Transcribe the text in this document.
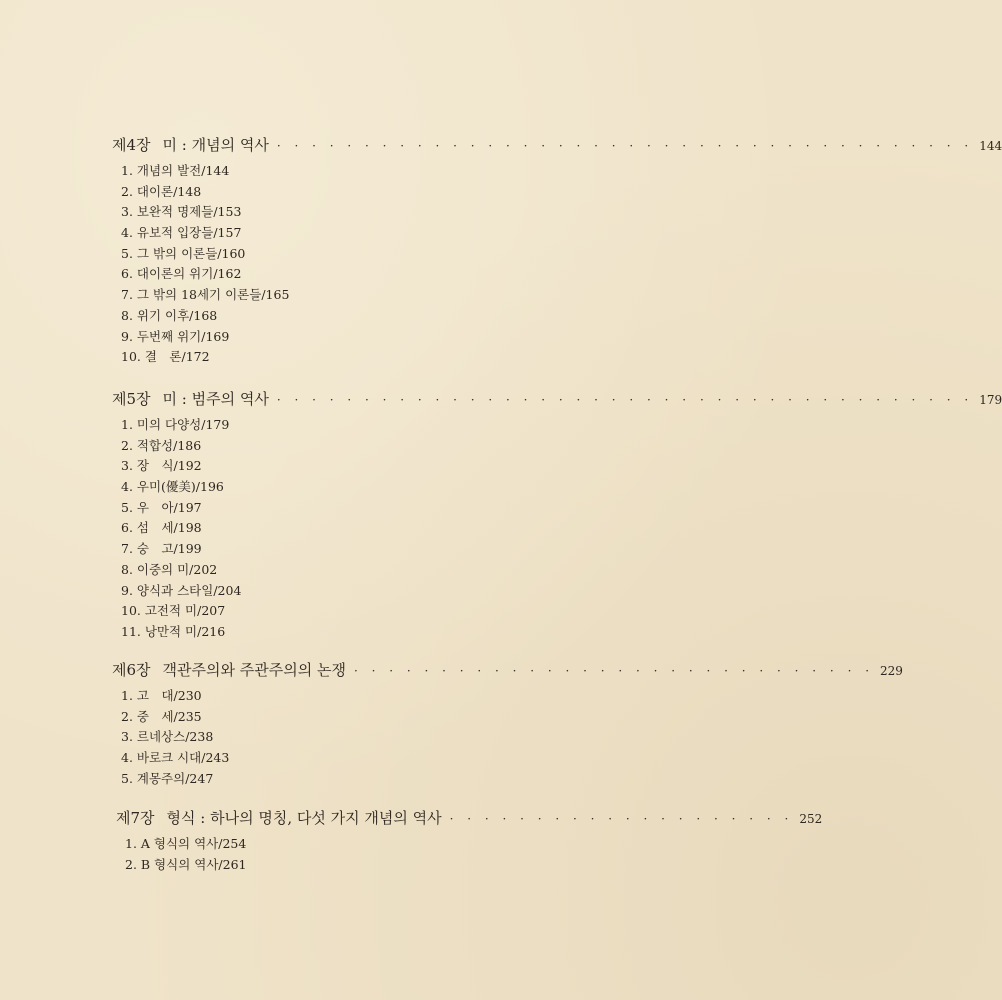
제4장 미 : 개념의 역사 · · · · · · · · · · · · · · · · · · · · · · · · · · · · · · · · · · · · · · · · 144
1. 개념의 발전/144
2. 대이론/148
3. 보완적 명제들/153
4. 유보적 입장들/157
5. 그 밖의 이론들/160
6. 대이론의 위기/162
7. 그 밖의 18세기 이론들/165
8. 위기 이후/168
9. 두번째 위기/169
10. 결　론/172
제5장 미 : 범주의 역사 · · · · · · · · · · · · · · · · · · · · · · · · · · · · · · · · · · · · · · · · 179
1. 미의 다양성/179
2. 적합성/186
3. 장　식/192
4. 우미(優美)/196
5. 우　아/197
6. 섬　세/198
7. 숭　고/199
8. 이중의 미/202
9. 양식과 스타일/204
10. 고전적 미/207
11. 낭만적 미/216
제6장 객관주의와 주관주의의 논쟁 · · · · · · · · · · · · · · · · · · · · · · · · · · · · · · 229
1. 고　대/230
2. 중　세/235
3. 르네상스/238
4. 바로크 시대/243
5. 계몽주의/247
제7장 형식 : 하나의 명칭, 다섯 가지 개념의 역사 · · · · · · · · · · · · · · · · · · · · 252
1. A 형식의 역사/254
2. B 형식의 역사/261
